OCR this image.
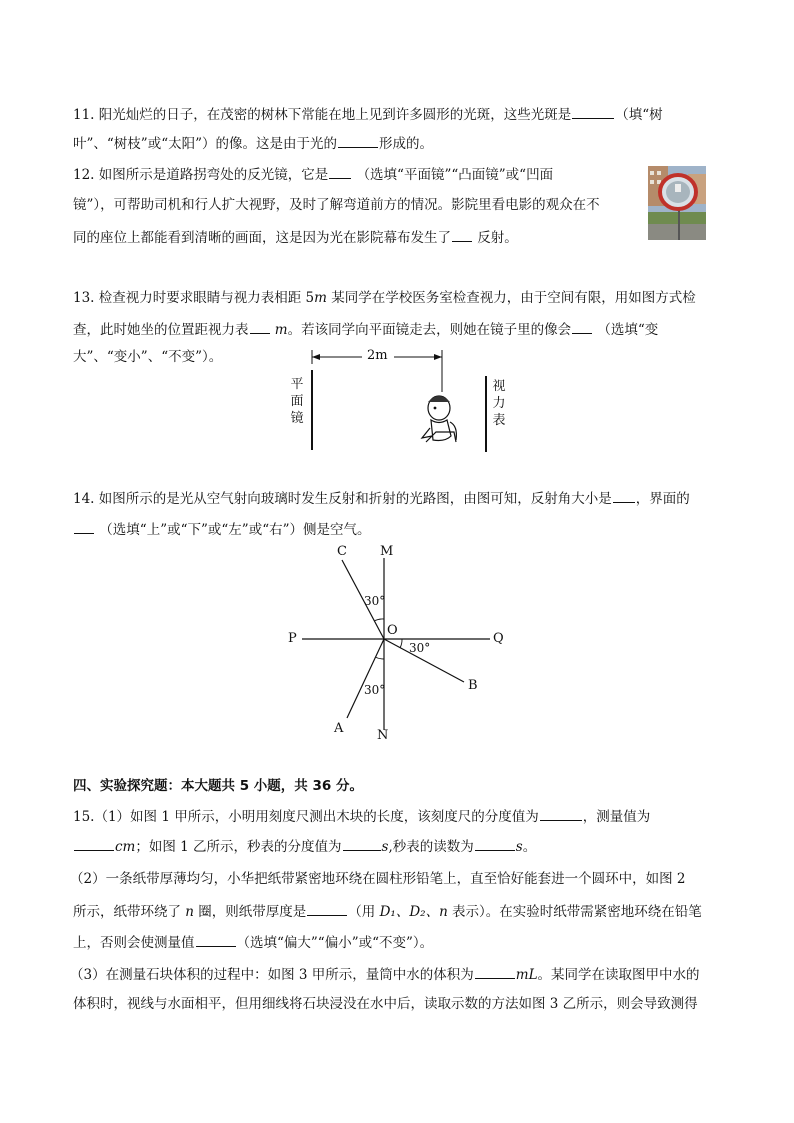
11. 阳光灿烂的日子，在茂密的树林下常能在地上见到许多圆形的光斑，这些光斑是	（填“树
叶”、“树枝”或“太阳”）的像。这是由于光的	形成的。
12. 如图所示是道路拐弯处的反光镜，它是 （选填“平面镜”“凸面镜”或“凹面
镜”），可帮助司机和行人扩大视野，及时了解弯道前方的情况。影院里看电影的观众在不
同的座位上都能看到清晰的画面，这是因为光在影院幕布发生了 反射。
13. 检查视力时要求眼睛与视力表相距 5m 某同学在学校医务室检查视力，由于空间有限，用如图方式检
查，此时她坐的位置距视力表 m。若该同学向平面镜走去，则她在镜子里的像会 （选填“变
大”、“变小”、“不变”）。	2m
平
面
镜
视
力
表
14. 如图所示的是光从空气射向玻璃时发生反射和折射的光路图，由图可知，反射角大小是 ，界面的
（选填“上”或“下”或“左”或“右”）侧是空气。
C	M
P
O
Q
B
A	N
30°
30°
30°
四、实验探究题：本大题共 5 小题，共 36 分。
15.（1）如图 1 甲所示，小明用刻度尺测出木块的长度，该刻度尺的分度值为	，测量值为
cm；如图 1 乙所示，秒表的分度值为	s,秒表的读数为	s。
（2）一条纸带厚薄均匀，小华把纸带紧密地环绕在圆柱形铅笔上，直至恰好能套进一个圆环中，如图 2
所示，纸带环绕了 n 圈，则纸带厚度是	（用 D₁、D₂、n 表示）。在实验时纸带需紧密地环绕在铅笔
上，否则会使测量值	（选填“偏大”“偏小”或“不变”）。
（3）在测量石块体积的过程中：如图 3 甲所示，量筒中水的体积为	mL。某同学在读取图甲中水的
体积时，视线与水面相平，但用细线将石块浸没在水中后，读取示数的方法如图 3 乙所示，则会导致测得
